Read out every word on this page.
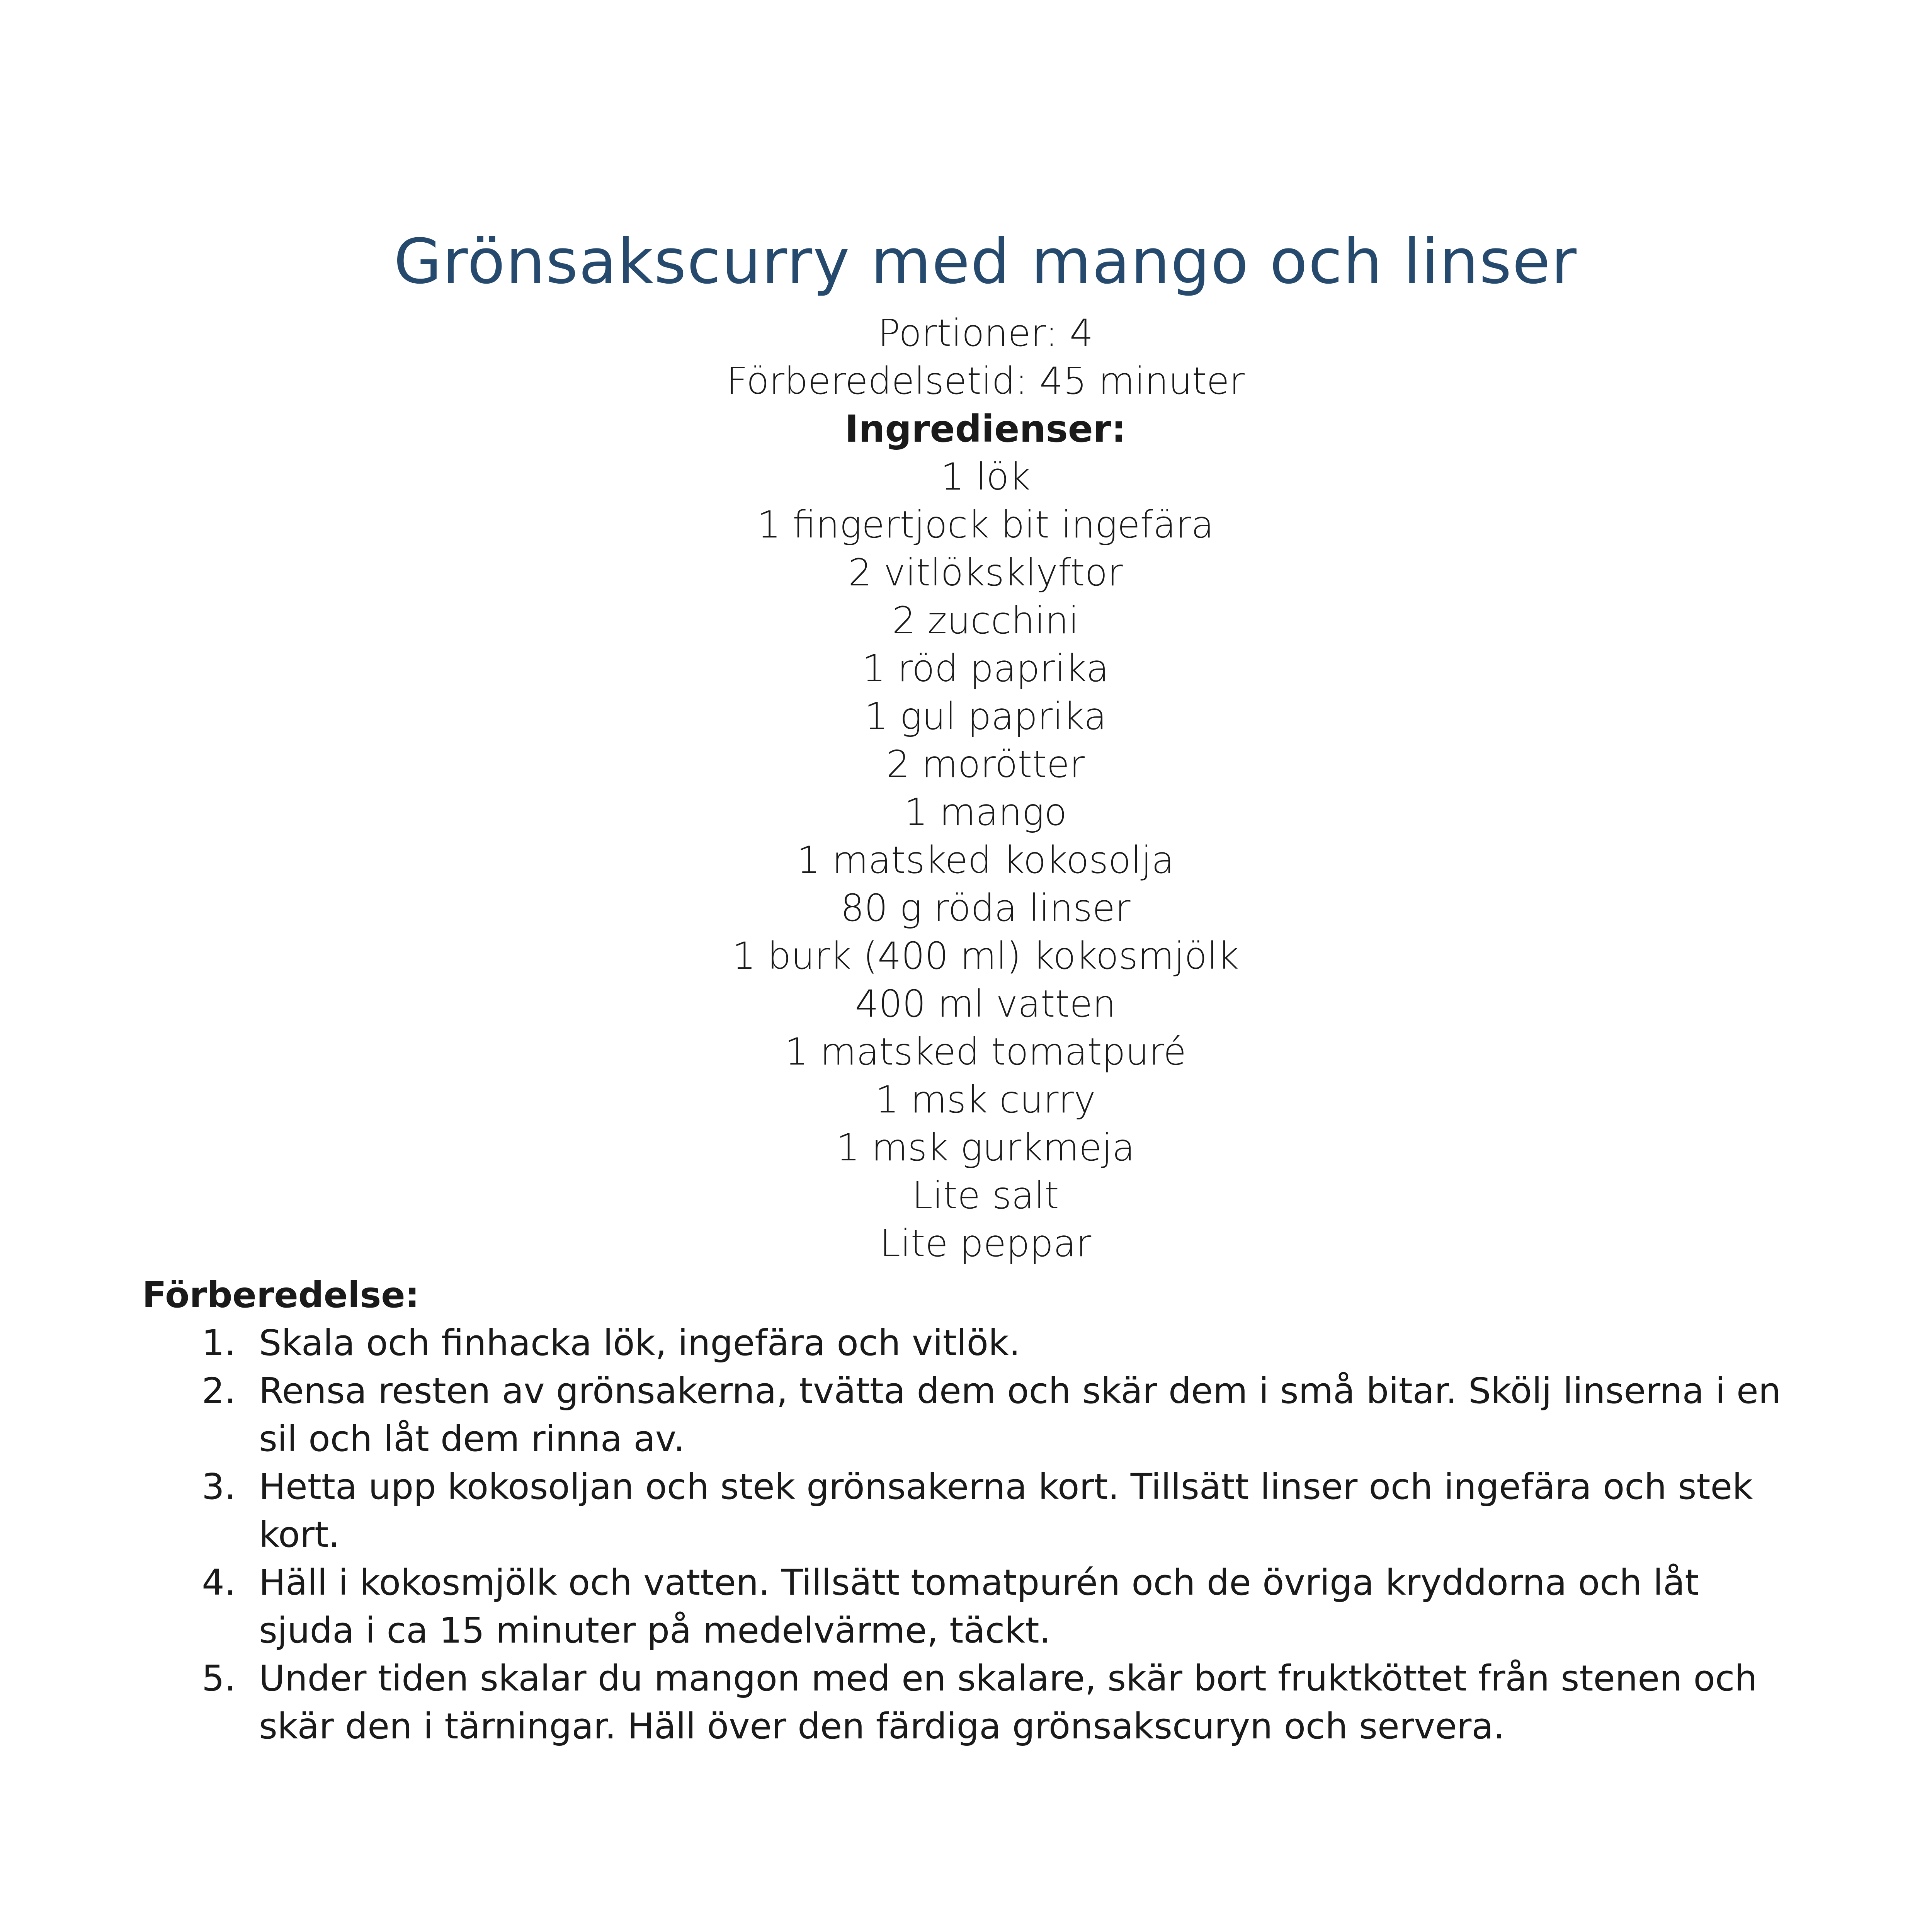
Grönsakscurry med mango och linser
Portioner: 4
Förberedelsetid: 45 minuter
Ingredienser:
1 lök
1 fingertjock bit ingefära
2 vitlöksklyftor
2 zucchini
1 röd paprika
1 gul paprika
2 morötter
1 mango
1 matsked kokosolja
80 g röda linser
1 burk (400 ml) kokosmjölk
400 ml vatten
1 matsked tomatpuré
1 msk curry
1 msk gurkmeja
Lite salt
Lite peppar
Förberedelse:
1. Skala och finhacka lök, ingefära och vitlök.
2. Rensa resten av grönsakerna, tvätta dem och skär dem i små bitar. Skölj linserna i en sil och låt dem rinna av.
3. Hetta upp kokosoljan och stek grönsakerna kort. Tillsätt linser och ingefära och stek kort.
4. Häll i kokosmjölk och vatten. Tillsätt tomatpurén och de övriga kryddorna och låt sjuda i ca 15 minuter på medelvärme, täckt.
5. Under tiden skalar du mangon med en skalare, skär bort fruktköttet från stenen och skär den i tärningar. Häll över den färdiga grönsakscuryn och servera.
